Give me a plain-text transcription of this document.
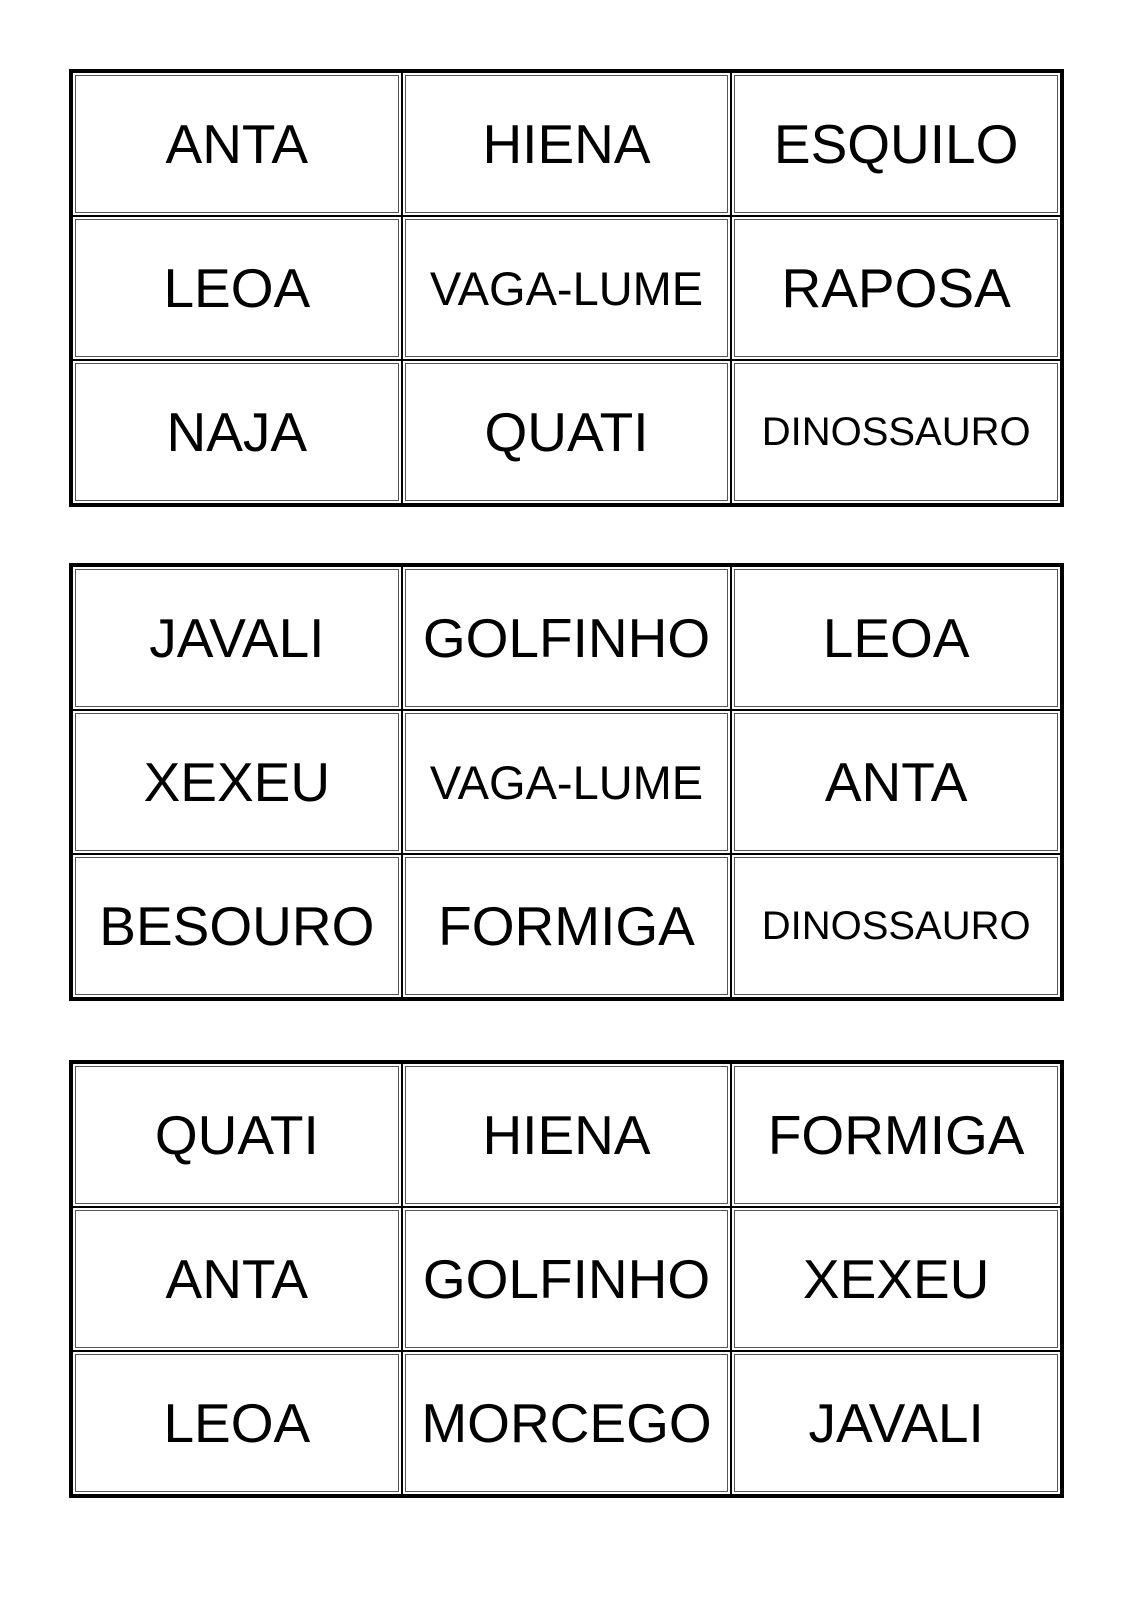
ANTA	HIENA	ESQUILO
LEOA	VAGA-LUME	RAPOSA
NAJA	QUATI	DINOSSAURO
JAVALI	GOLFINHO	LEOA
XEXEU	VAGA-LUME	ANTA
BESOURO	FORMIGA	DINOSSAURO
QUATI	HIENA	FORMIGA
ANTA	GOLFINHO	XEXEU
LEOA	MORCEGO	JAVALI
